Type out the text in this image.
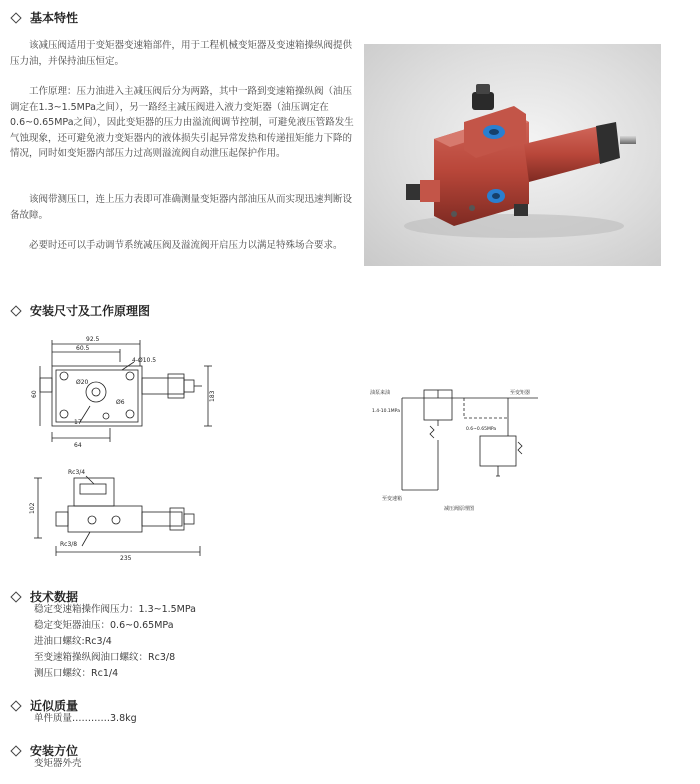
基本特性

该减压阀适用于变矩器变速箱部件，用于工程机械变矩器及变速箱操纵阀提供压力油，并保持油压恒定。

工作原理：压力油进入主减压阀后分为两路，其中一路到变速箱操纵阀（油压调定在1.3~1.5MPa之间），另一路经主减压阀进入液力变矩器（油压调定在0.6~0.65MPa之间），因此变矩器的压力由溢流阀调节控制，可避免液压管路发生气蚀现象，还可避免液力变矩器内的液体损失引起异常发热和传递扭矩能力下降的情况，同时如变矩器内部压力过高则溢流阀自动泄压起保护作用。

该阀带测压口，连上压力表即可准确测量变矩器内部油压从而实现迅速判断设备故障。

必要时还可以手动调节系统减压阀及溢流阀开启压力以满足特殊场合要求。

安装尺寸及工作原理图
92.5
60.5
4-Ø10.5
Ø20
Ø6
60	183
17
64
Rc3/4
Rc3/8
235
102
油泵来油	至变矩器
1.4-10.1MPa
0.6~0.65MPa
至变速箱
减压阀原理图
技术数据
稳定变速箱操作阀压力：1.3~1.5MPa
稳定变矩器油压：0.6~0.65MPa
进油口螺纹:Rc3/4
至变速箱操纵阀油口螺纹：Rc3/8
测压口螺纹：Rc1/4
近似质量
单件质量…………3.8kg
安装方位
变矩器外壳
